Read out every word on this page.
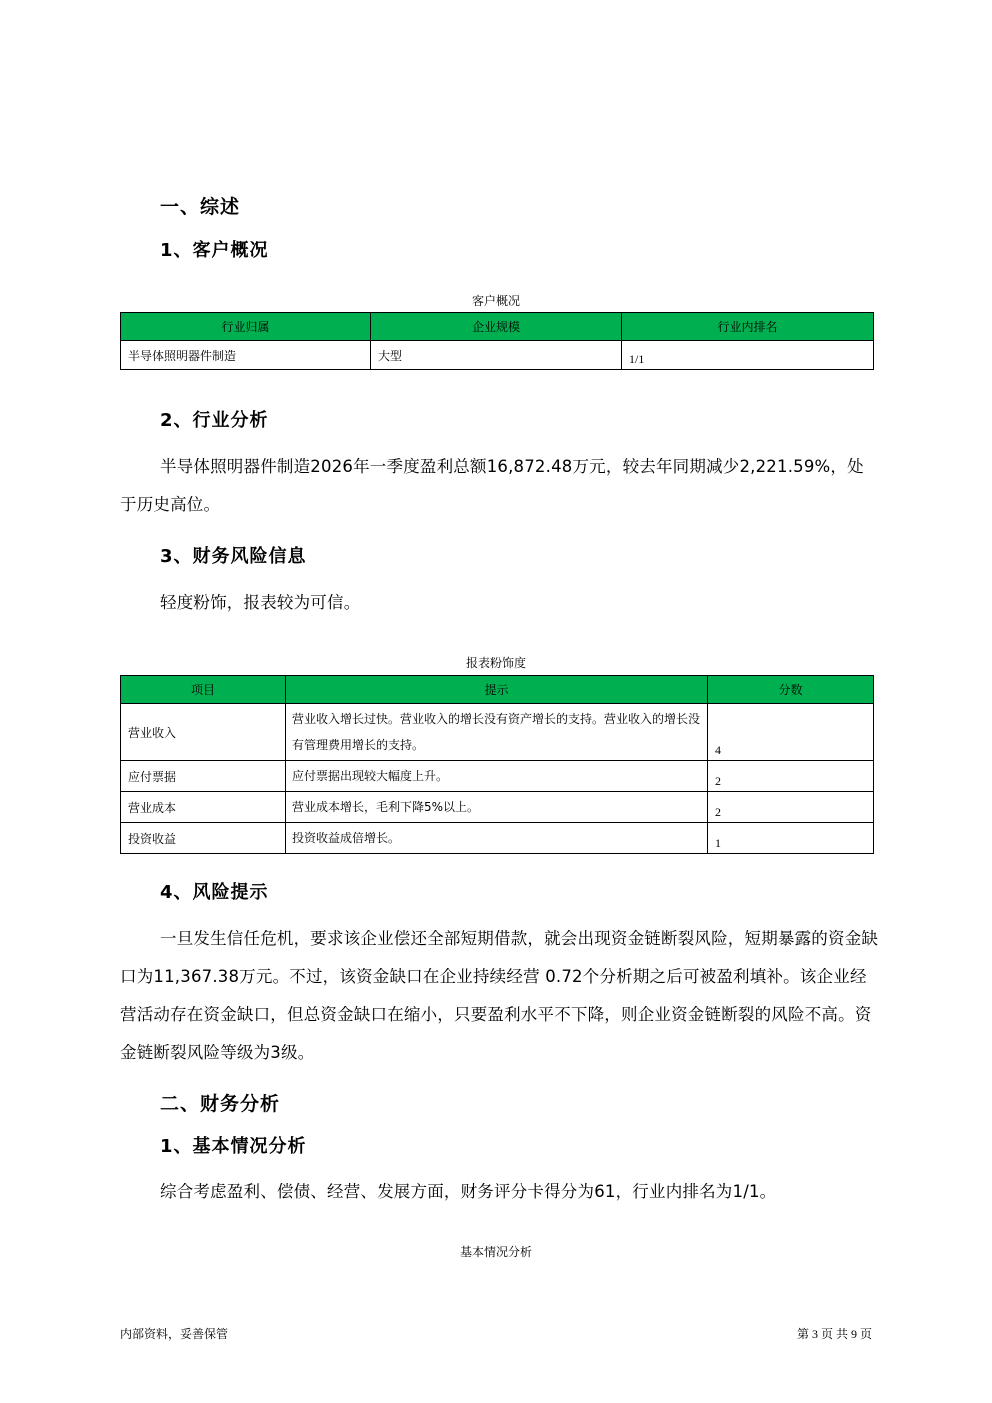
一、综述
1、客户概况
客户概况
行业归属	企业规模	行业内排名
半导体照明器件制造	大型	1/1
2、行业分析
半导体照明器件制造2026年一季度盈利总额16,872.48万元，较去年同期减少2,221.59%，处于历史高位。
3、财务风险信息
轻度粉饰，报表较为可信。
报表粉饰度
项目	提示	分数
营业收入	营业收入增长过快。营业收入的增长没有资产增长的支持。营业收入的增长没有管理费用增长的支持。	4
应付票据	应付票据出现较大幅度上升。	2
营业成本	营业成本增长，毛利下降5%以上。	2
投资收益	投资收益成倍增长。	1
4、风险提示
一旦发生信任危机，要求该企业偿还全部短期借款，就会出现资金链断裂风险，短期暴露的资金缺口为11,367.38万元。不过，该资金缺口在企业持续经营 0.72个分析期之后可被盈利填补。该企业经营活动存在资金缺口，但总资金缺口在缩小，只要盈利水平不下降，则企业资金链断裂的风险不高。资金链断裂风险等级为3级。
二、财务分析
1、基本情况分析
综合考虑盈利、偿债、经营、发展方面，财务评分卡得分为61，行业内排名为1/1。
基本情况分析
内部资料，妥善保管	第 3 页 共 9 页
